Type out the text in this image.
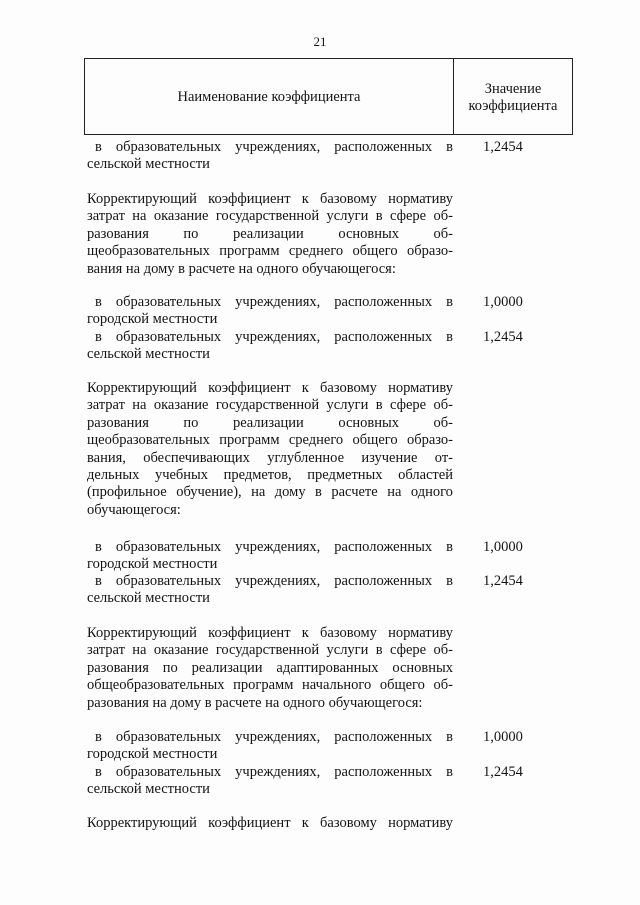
21
Наименование коэффициента
Значение
коэффициента
в образовательных учреждениях, расположенных в
сельской местности
1,2454
Корректирующий коэффициент к базовому нормативу
затрат на оказание государственной услуги в сфере об-
разования по реализации основных об-
щеобразовательных программ среднего общего образо-
вания на дому в расчете на одного обучающегося:
в образовательных учреждениях, расположенных в
городской местности
1,0000
в образовательных учреждениях, расположенных в
сельской местности
1,2454
Корректирующий коэффициент к базовому нормативу
затрат на оказание государственной услуги в сфере об-
разования по реализации основных об-
щеобразовательных программ среднего общего образо-
вания, обеспечивающих углубленное изучение от-
дельных учебных предметов, предметных областей
(профильное обучение), на дому в расчете на одного
обучающегося:
в образовательных учреждениях, расположенных в
городской местности
1,0000
в образовательных учреждениях, расположенных в
сельской местности
1,2454
Корректирующий коэффициент к базовому нормативу
затрат на оказание государственной услуги в сфере об-
разования по реализации адаптированных основных
общеобразовательных программ начального общего об-
разования на дому в расчете на одного обучающегося:
в образовательных учреждениях, расположенных в
городской местности
1,0000
в образовательных учреждениях, расположенных в
сельской местности
1,2454
Корректирующий коэффициент к базовому нормативу
